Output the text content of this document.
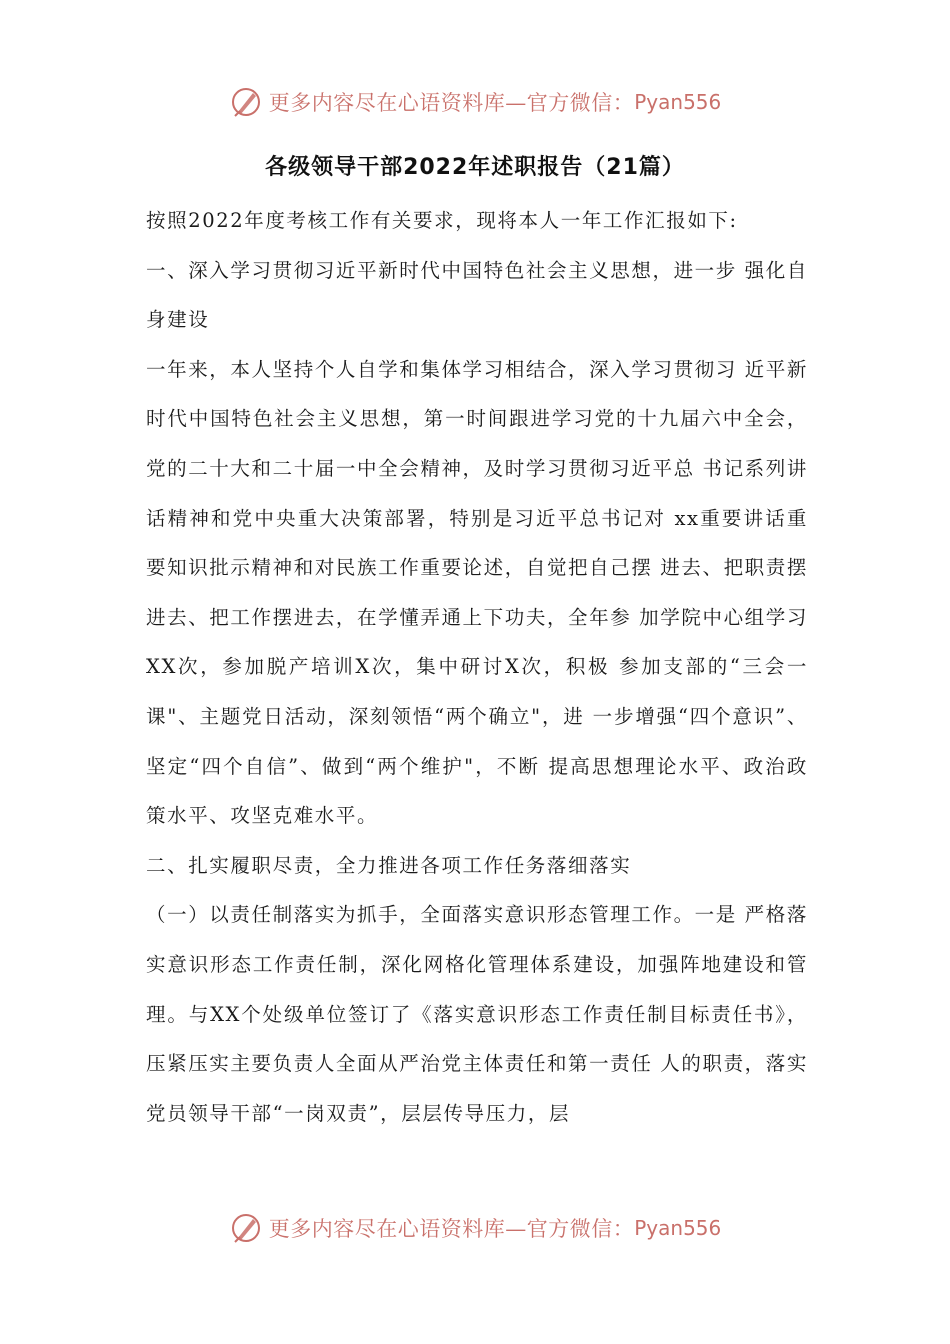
更多内容尽在心语资料库—官方微信： Pyan556
各级领导干部2022年述职报告（21篇）

按照2022年度考核工作有关要求，现将本人一年工作汇报如下:

一、深入学习贯彻习近平新时代中国特色社会主义思想，进一步 强化自身建设

一年来，本人坚持个人自学和集体学习相结合，深入学习贯彻习 近平新时代中国特色社会主义思想，第一时间跟进学习党的十九届六中全会，党的二十大和二十届一中全会精神，及时学习贯彻习近平总 书记系列讲话精神和党中央重大决策部署，特别是习近平总书记对 xx重要讲话重要知识批示精神和对民族工作重要论述，自觉把自己摆 进去、把职责摆进去、把工作摆进去，在学懂弄通上下功夫，全年参 加学院中心组学习XX次，参加脱产培训X次，集中研讨X次，积极 参加支部的“三会一课"、主题党日活动，深刻领悟“两个确立"，进 一步增强“四个意识”、坚定“四个自信”、做到“两个维护"，不断 提高思想理论水平、政治政策水平、攻坚克难水平。

二、扎实履职尽责，全力推进各项工作任务落细落实

（一）以责任制落实为抓手，全面落实意识形态管理工作。一是 严格落实意识形态工作责任制，深化网格化管理体系建设，加强阵地建设和管理。与XX个处级单位签订了《落实意识形态工作责任制目标责任书》，压紧压实主要负责人全面从严治党主体责任和第一责任 人的职责，落实党员领导干部“一岗双责”，层层传导压力，层

更多内容尽在心语资料库—官方微信： Pyan556
